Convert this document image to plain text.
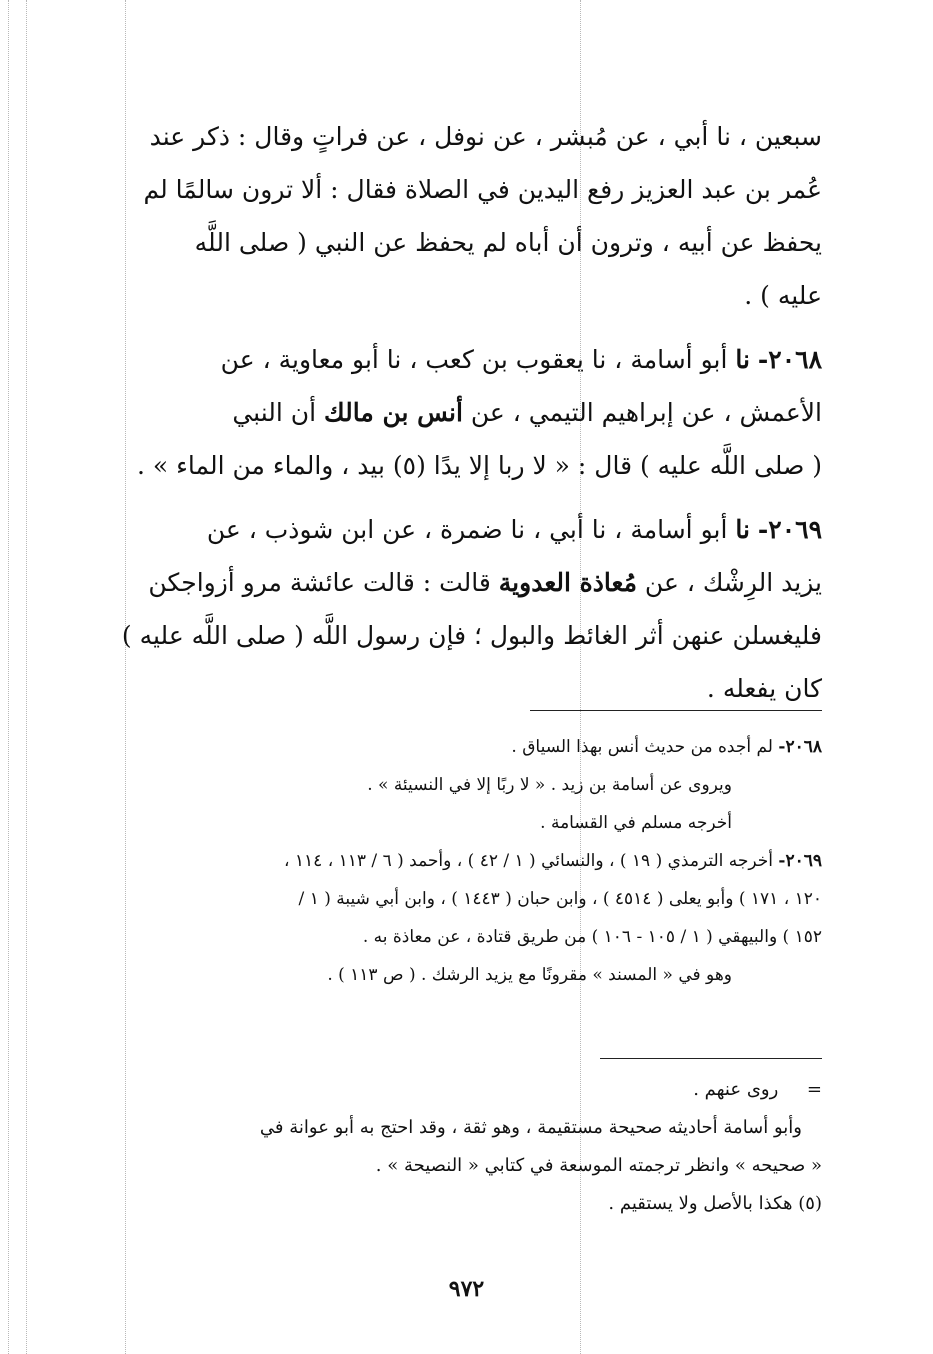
سبعين ، نا أبي ، عن مُبشر ، عن نوفل ، عن فراتٍ وقال : ذكر عند
عُمر بن عبد العزيز رفع اليدين في الصلاة فقال : ألا ترون سالمًا لم
يحفظ عن أبيه ، وترون أن أباه لم يحفظ عن النبي ( صلى اللَّه
عليه ) .

٢٠٦٨- نا أبو أسامة ، نا يعقوب بن كعب ، نا أبو معاوية ، عن
الأعمش ، عن إبراهيم التيمي ، عن أنس بن مالك أن النبي
( صلى اللَّه عليه ) قال : « لا ربا إلا يدًا (٥) بيد ، والماء من الماء » .

٢٠٦٩- نا أبو أسامة ، نا أبي ، نا ضمرة ، عن ابن شوذب ، عن
يزيد الرِشْك ، عن مُعاذة العدوية قالت : قالت عائشة مرو أزواجكن
فليغسلن عنهن أثر الغائط والبول ؛ فإن رسول اللَّه ( صلى اللَّه عليه )
كان يفعله .

٢٠٦٨- لم أجده من حديث أنس بهذا السياق .

ويروى عن أسامة بن زيد . « لا ربًا إلا في النسيئة » .

أخرجه مسلم في القسامة .

٢٠٦٩- أخرجه الترمذي ( ١٩ ) ، والنسائي ( ١ / ٤٢ ) ، وأحمد ( ٦ / ١١٣ ، ١١٤ ،
١٢٠ ، ١٧١ ) وأبو يعلى ( ٤٥١٤ ) ، وابن حبان ( ١٤٤٣ ) ، وابن أبي شيبة ( ١ /
١٥٢ ) والبيهقي ( ١ / ١٠٥ - ١٠٦ ) من طريق قتادة ، عن معاذة به .

وهو في « المسند » مقرونًا مع يزيد الرشك . ( ص ١١٣ ) .

=     روى عنهم .

وأبو أسامة أحاديثه صحيحة مستقيمة ، وهو ثقة ، وقد احتج به أبو عوانة في

« صحيحه » وانظر ترجمته الموسعة في كتابي « النصيحة » .

(٥) هكذا بالأصل ولا يستقيم .

٩٧٢
